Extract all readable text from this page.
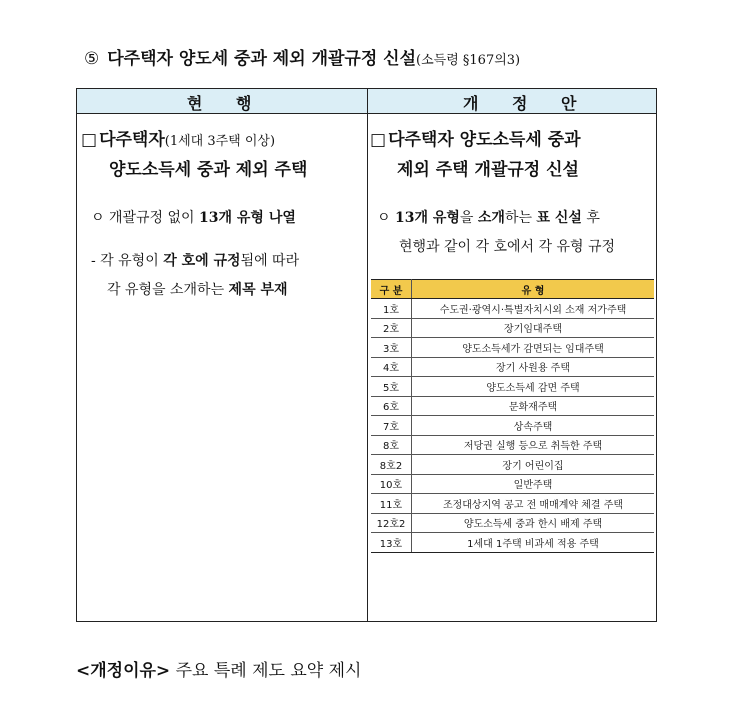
⑤ 다주택자 양도세 중과 제외 개괄규정 신설(소득령 §167의3)
현 행	개 정 안
□ 다주택자(1세대 3주택 이상)
양도소득세 중과 제외 주택
ㅇ 개괄규정 없이 13개 유형 나열
- 각 유형이 각 호에 규정됨에 따라
각 유형을 소개하는 제목 부재
□ 다주택자 양도소득세 중과
제외 주택 개괄규정 신설
ㅇ 13개 유형을 소개하는 표 신설 후
현행과 같이 각 호에서 각 유형 규정
구 분	유 형
1호	수도권·광역시·특별자치시외 소재 저가주택
2호	장기임대주택
3호	양도소득세가 감면되는 임대주택
4호	장기 사원용 주택
5호	양도소득세 감면 주택
6호	문화재주택
7호	상속주택
8호	저당권 실행 등으로 취득한 주택
8호2	장기 어린이집
10호	일반주택
11호	조정대상지역 공고 전 매매계약 체결 주택
12호2	양도소득세 중과 한시 배제 주택
13호	1세대 1주택 비과세 적용 주택
<개정이유> 주요 특례 제도 요약 제시
